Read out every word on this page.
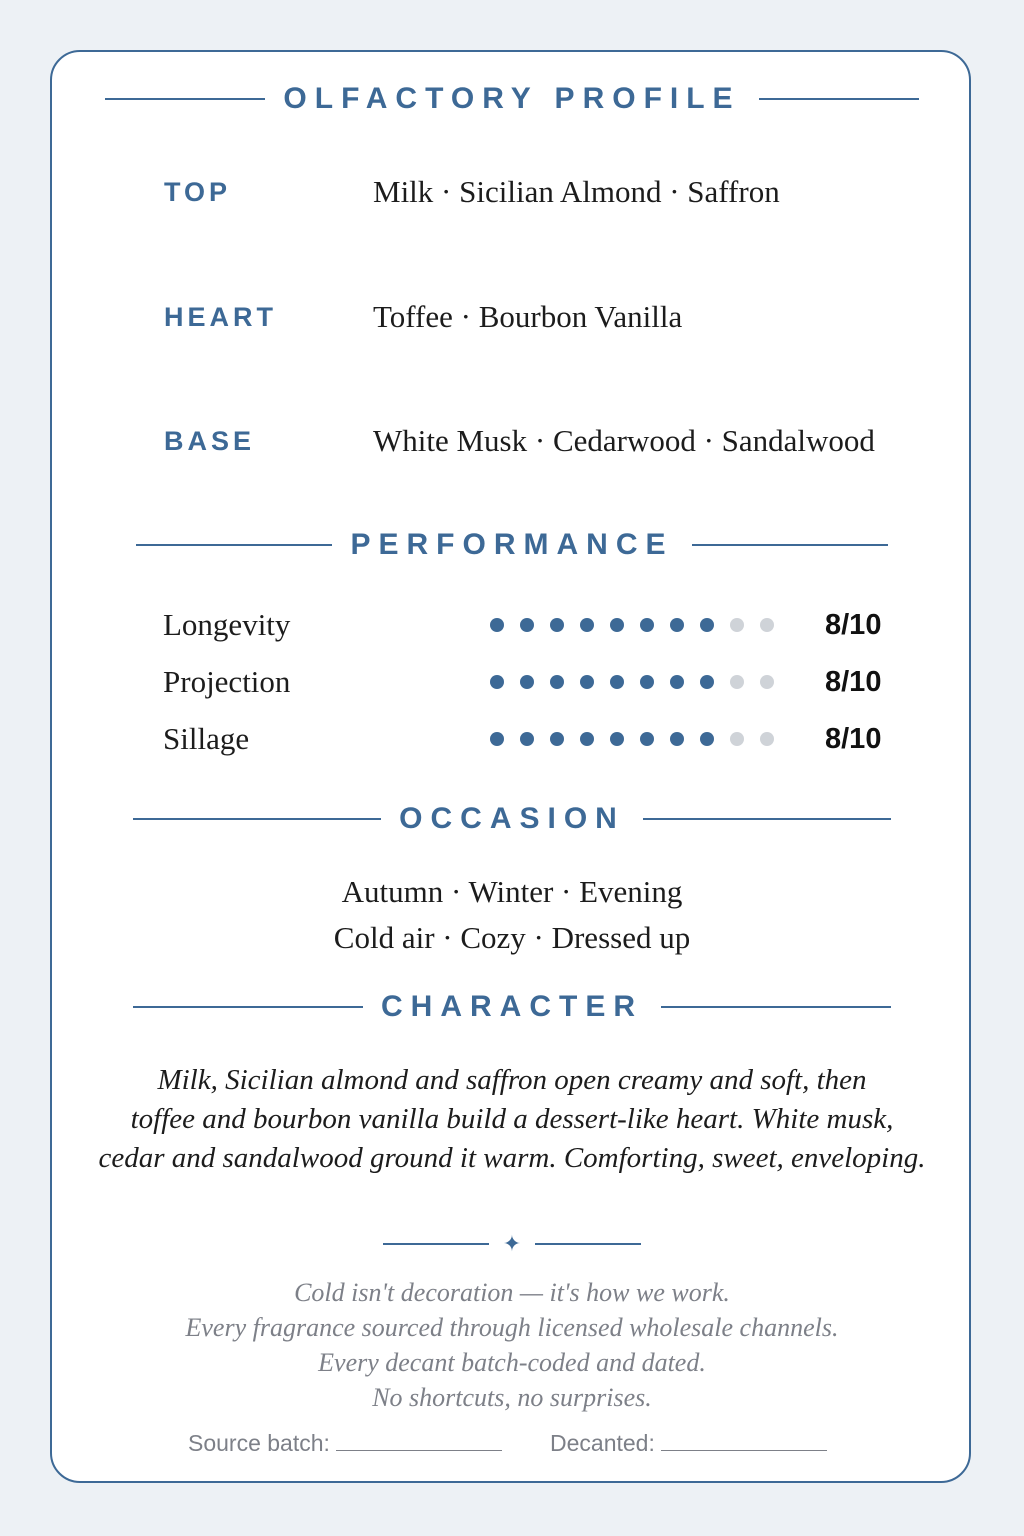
OLFACTORY PROFILE
TOP	Milk · Sicilian Almond · Saffron
HEART	Toffee · Bourbon Vanilla
BASE	White Musk · Cedarwood · Sandalwood
PERFORMANCE
Longevity	8/10
Projection	8/10
Sillage	8/10
OCCASION
Autumn · Winter · Evening
Cold air · Cozy · Dressed up
CHARACTER
Milk, Sicilian almond and saffron open creamy and soft, then
toffee and bourbon vanilla build a dessert-like heart. White musk,
cedar and sandalwood ground it warm. Comforting, sweet, enveloping.
✦
Cold isn't decoration — it's how we work.
Every fragrance sourced through licensed wholesale channels.
Every decant batch-coded and dated.
No shortcuts, no surprises.
Source batch:	Decanted:
